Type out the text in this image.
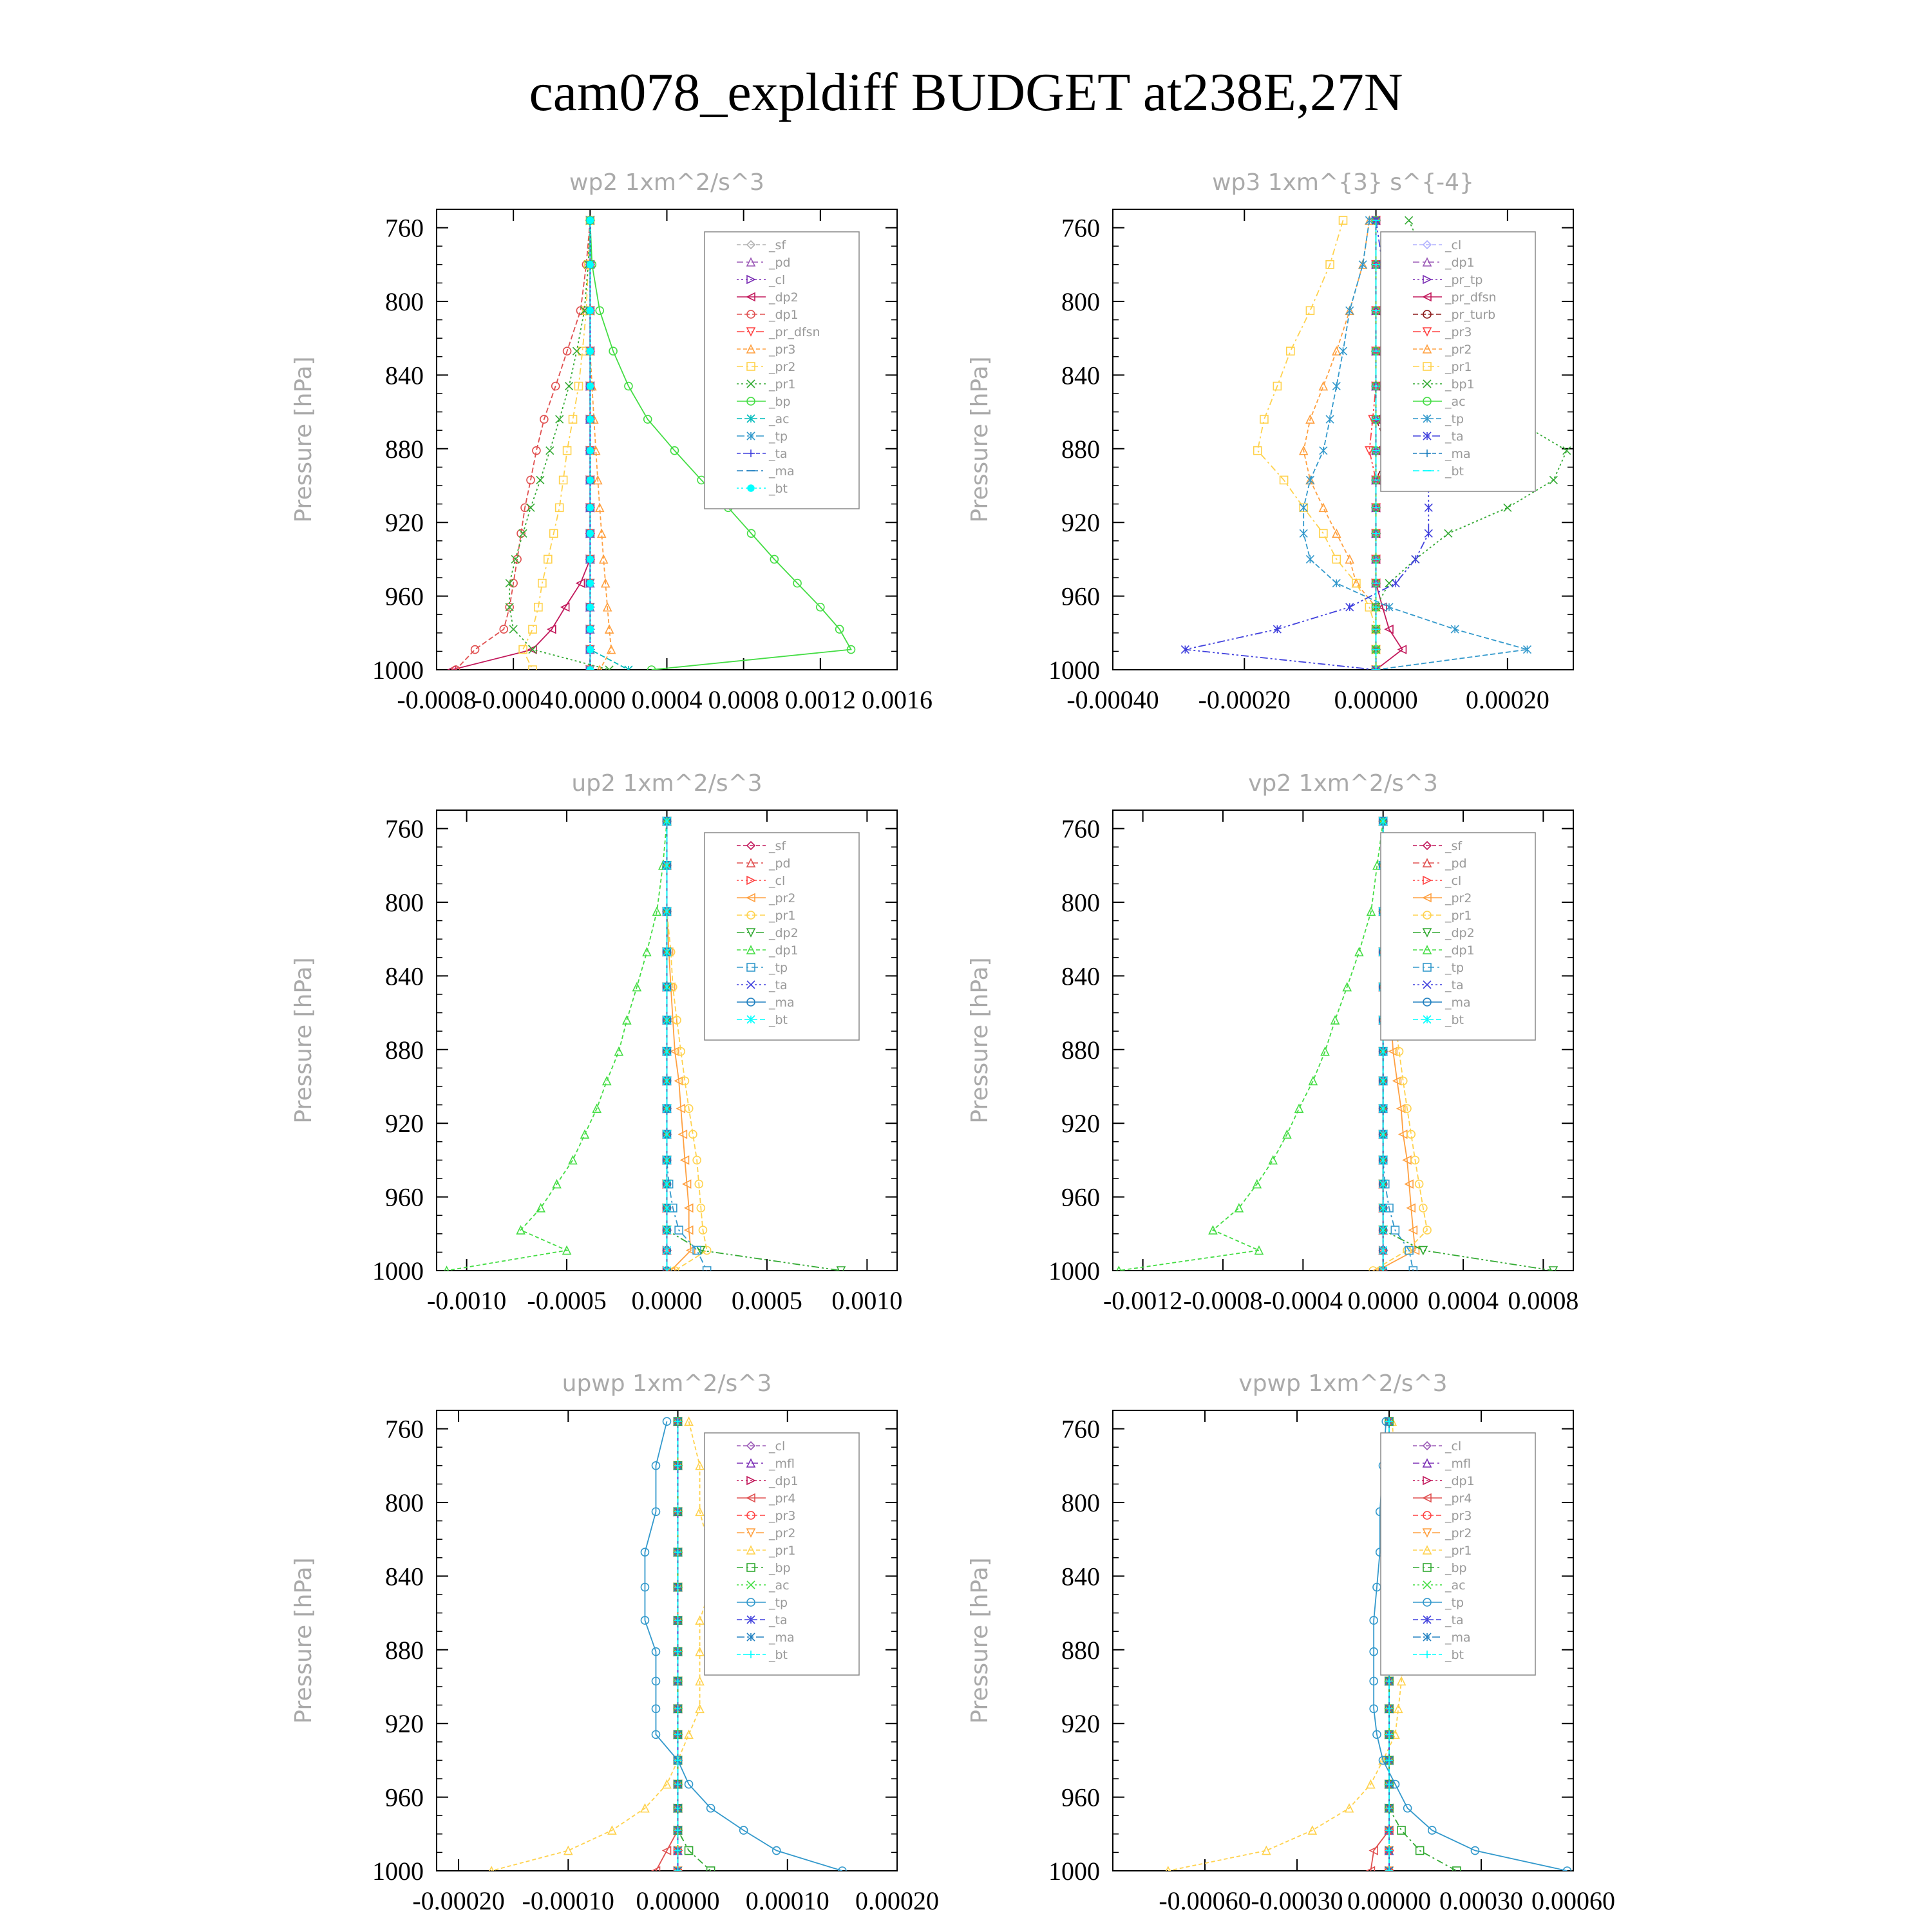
cam078_expldiff BUDGET at238E,27N
wp2 1xm^2/s^3
Pressure [hPa]
760
800
840
880
920
960
1000
-0.0008
-0.0004 0.0000 0.0004 0.0008 0.0012 0.0016
_sf
_pd
_cl
_dp2
_dp1
_pr_dfsn
_pr3
_pr2
_pr1
_bp
_ac
_tp
_ta
_ma
_bt
wp3 1xm^{3} s^{-4}
Pressure [hPa]
760
800
840
880
920
960
1000
-0.00040 -0.00020 0.00000 0.00020
_cl
_dp1
_pr_tp
_pr_dfsn
_pr_turb
_pr3
_pr2
_pr1
_bp1
_ac
_tp
_ta
_ma
_bt
up2 1xm^2/s^3
Pressure [hPa]
760
800
840
880
920
960
1000
-0.0010 -0.0005 0.0000 0.0005 0.0010
_sf
_pd
_cl
_pr2
_pr1
_dp2
_dp1
_tp
_ta
_ma
_bt
vp2 1xm^2/s^3
Pressure [hPa]
760
800
840
880
920
960
1000
-0.0012 -0.0008 -0.0004 0.0000 0.0004 0.0008
_sf
_pd
_cl
_pr2
_pr1
_dp2
_dp1
_tp
_ta
_ma
_bt
upwp 1xm^2/s^3
Pressure [hPa]
760
800
840
880
920
960
1000
-0.00020 -0.00010 0.00000 0.00010 0.00020
_cl
_mfl
_dp1
_pr4
_pr3
_pr2
_pr1
_bp
_ac
_tp
_ta
_ma
_bt
vpwp 1xm^2/s^3
Pressure [hPa]
760
800
840
880
920
960
1000
-0.00060 -0.00030 0.00000 0.00030 0.00060
_cl
_mfl
_dp1
_pr4
_pr3
_pr2
_pr1
_bp
_ac
_tp
_ta
_ma
_bt
